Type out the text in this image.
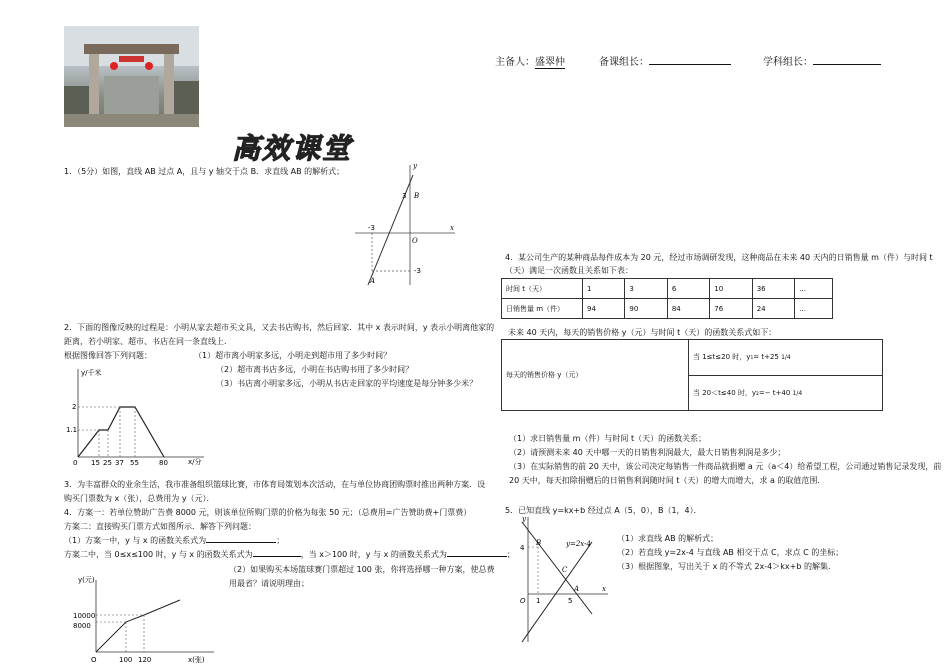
主备人：盛翠仲	备课组长：	学科组长：
高效课堂
1．（5分）如图，直线 AB 过点 A，且与 y 轴交于点 B．求直线 AB 的解析式；
y
x
O
B
A
3
-3
-3
2．下面的图像反映的过程是：小明从家去超市买文具，又去书店购书，然后回家．其中 x 表示时间，y 表示小明离他家的
距离，若小明家、超市、书店在同一条直线上．
根据图像回答下列问题：	（1）超市离小明家多远，小明走到超市用了多少时间？
（2）超市离书店多远，小明在书店购书用了多少时间？
（3）书店离小明家多远，小明从书店走回家的平均速度是每分钟多少米？
y/千米
x/分
2
1.1
0 15 25 37 55	80
3．为丰富群众的业余生活，我市准备组织篮球比赛，市体育局策划本次活动，在与单位协商团购票时推出两种方案．设
购买门票数为 x（张），总费用为 y（元）．
4．方案一：若单位赞助广告费 8000 元，则该单位所购门票的价格为每张 50 元；（总费用=广告赞助费+门票费）
方案二：直接购买门票方式如图所示．解答下列问题：
（1）方案一中，y 与 x 的函数关系式为	；
方案二中，当 0≤x≤100 时，y 与 x 的函数关系式为	，当 x＞100 时，y 与 x 的函数关系式为	；
（2）如果购买本场篮球赛门票超过 100 张，你将选择哪一种方案，使总费
用最省？请说明理由；
y(元)
x(张)
10000
8000
O	100 120
4．某公司生产的某种商品每件成本为 20 元，经过市场调研发现，这种商品在未来 40 天内的日销售量 m（件）与时间 t
（天）满足一次函数且关系如下表：
时间 t（天）	1	3	6	10	36	…
日销售量 m（件）	94	90	84	76	24	…
未来 40 天内，每天的销售价格 y（元）与时间 t（天）的函数关系式如下：
每天的销售价格 y（元）	当 1≤t≤20 时，y₁= t+25 1/4
当 20＜t≤40 时，y₂=− t+40 1/4
（1）求日销售量 m（件）与时间 t（天）的函数关系；
（2）请预测未来 40 天中哪一天的日销售利润最大，最大日销售利润是多少；
（3）在实际销售的前 20 天中，该公司决定每销售一件商品就捐赠 a 元（a＜4）给希望工程，公司通过销售记录发现，前
20 天中，每天扣除捐赠后的日销售利润随时间 t（天）的增大而增大，求 a 的取值范围．
5．已知直线 y=kx+b 经过点 A（5，0），B（1，4）．
（1）求直线 AB 的解析式；
（2）若直线 y=2x-4 与直线 AB 相交于点 C，求点 C 的坐标；
（3）根据图象，写出关于 x 的不等式 2x-4＞kx+b 的解集．
y
x
y=2x-4
B
C
A
4
1	5
O
